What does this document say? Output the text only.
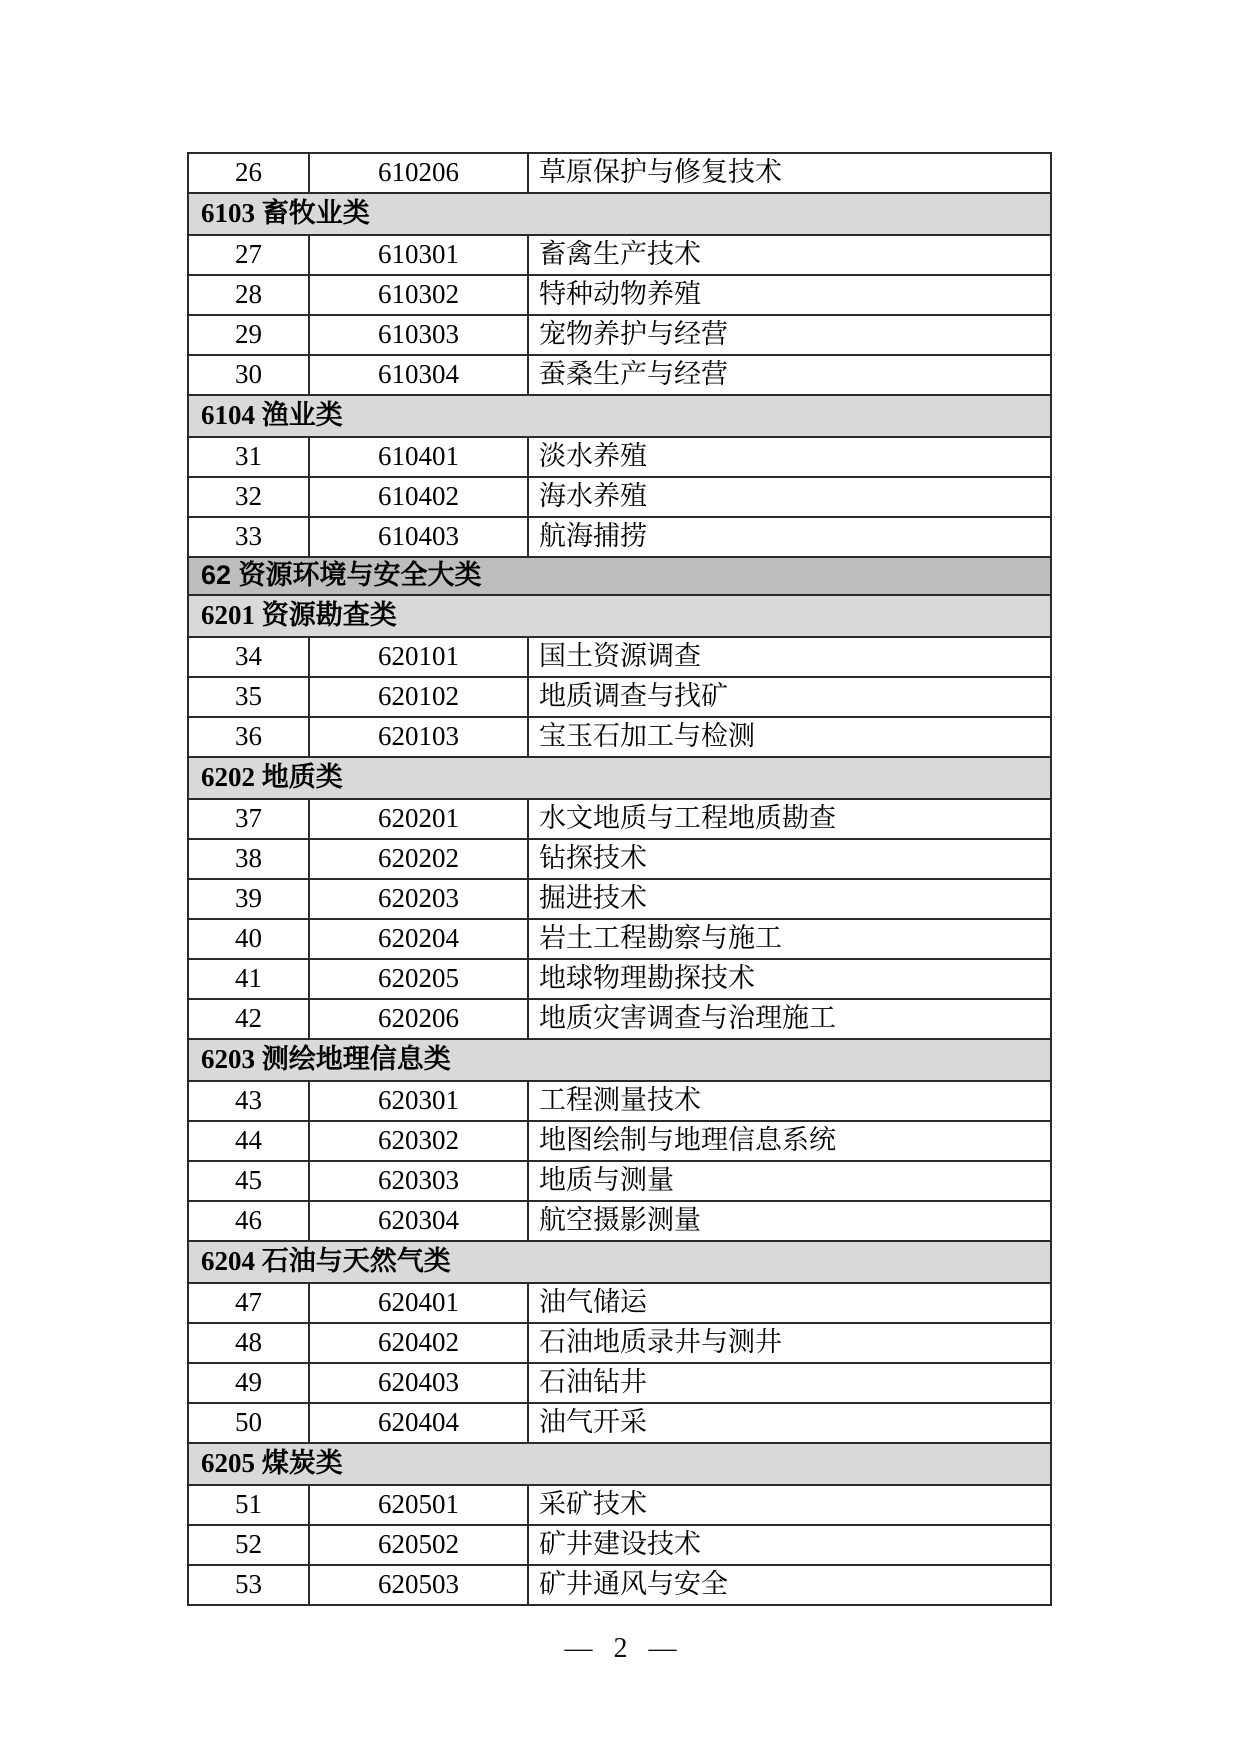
26	610206	草原保护与修复技术
6103 畜牧业类		
27	610301	畜禽生产技术
28	610302	特种动物养殖
29	610303	宠物养护与经营
30	610304	蚕桑生产与经营
6104 渔业类		
31	610401	淡水养殖
32	610402	海水养殖
33	610403	航海捕捞
62 资源环境与安全大类		
6201 资源勘查类		
34	620101	国土资源调查
35	620102	地质调查与找矿
36	620103	宝玉石加工与检测
6202 地质类		
37	620201	水文地质与工程地质勘查
38	620202	钻探技术
39	620203	掘进技术
40	620204	岩土工程勘察与施工
41	620205	地球物理勘探技术
42	620206	地质灾害调查与治理施工
6203 测绘地理信息类		
43	620301	工程测量技术
44	620302	地图绘制与地理信息系统
45	620303	地质与测量
46	620304	航空摄影测量
6204 石油与天然气类		
47	620401	油气储运
48	620402	石油地质录井与测井
49	620403	石油钻井
50	620404	油气开采
6205 煤炭类		
51	620501	采矿技术
52	620502	矿井建设技术
53	620503	矿井通风与安全
— 2 —
